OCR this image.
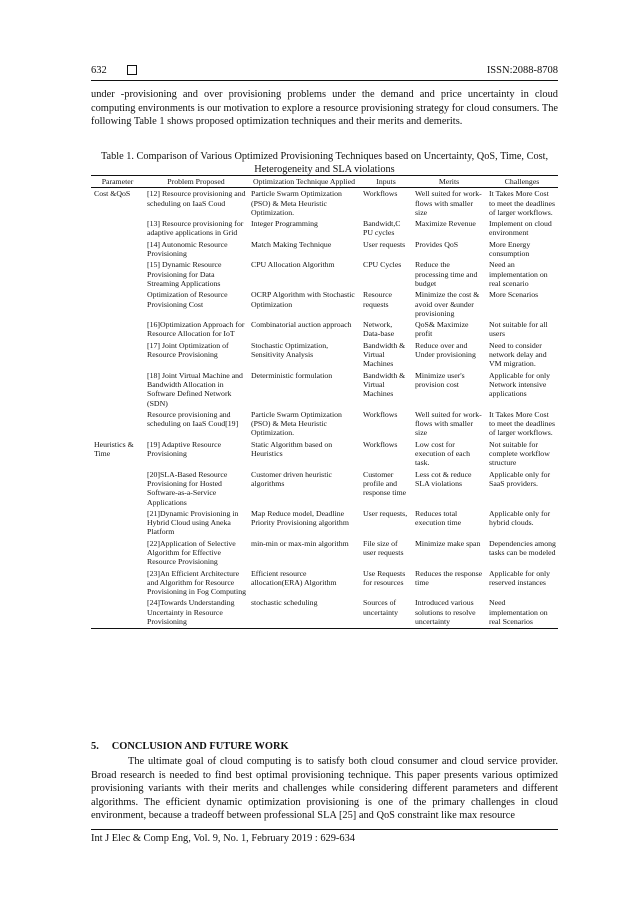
632	ISSN:2088-8708

under -provisioning and over provisioning problems under the demand and price uncertainty in cloud computing environments is our motivation to explore a resource provisioning strategy for cloud consumers. The following Table 1 shows proposed optimization techniques and their merits and demerits.

Table 1. Comparison of Various Optimized Provisioning Techniques based on Uncertainty, QoS, Time, Cost, Heterogeneity and SLA violations

Parameter	Problem Proposed	Optimization Technique Applied	Inputs	Merits	Challenges
Cost &QoS	[12] Resource provisioning and scheduling on IaaS Coud	Particle Swarm Optimization (PSO) & Meta Heuristic Optimization.	Workflows	Well suited for work-flows with smaller size	It Takes More Cost to meet the deadlines of larger workflows.
	[13] Resource provisioning for adaptive applications in Grid	Integer Programming	Bandwidt,C PU cycles	Maximize Revenue	Implement on cloud environment
	[14] Autonomic Resource Provisioning	Match Making Technique	User requests	Provides QoS	More Energy consumption
	[15] Dynamic Resource Provisioning for Data Streaming Applications	CPU Allocation Algorithm	CPU Cycles	Reduce the processing time and budget	Need an implementation on real scenario
	Optimization of Resource Provisioning Cost	OCRP Algorithm with Stochastic Optimization	Resource requests	Minimize the cost & avoid over &under provisioning	More Scenarios
	[16]Optimization Approach for Resource Allocation for IoT	Combinatorial auction approach	Network, Data-base	QoS& Maximize profit	Not suitable for all users
	[17] Joint Optimization of Resource Provisioning	Stochastic Optimization, Sensitivity Analysis	Bandwidth & Virtual Machines	Reduce over and Under provisioning	Need to consider network delay and VM migration.
	[18] Joint Virtual Machine and Bandwidth Allocation in Software Defined Network (SDN)	Deterministic formulation	Bandwidth & Virtual Machines	Minimize user's provision cost	Applicable for only Network intensive applications
	Resource provisioning and scheduling on IaaS Coud[19]	Particle Swarm Optimization (PSO) & Meta Heuristic Optimization.	Workflows	Well suited for work-flows with smaller size	It Takes More Cost to meet the deadlines of larger workflows.
Heuristics & Time	[19] Adaptive Resource Provisioning	Static Algorithm based on Heuristics	Workflows	Low cost for execution of each task.	Not suitable for complete workflow structure
	[20]SLA-Based Resource Provisioning for Hosted Software-as-a-Service Applications	Customer driven heuristic algorithms	Customer profile and response time	Less cot & reduce SLA violations	Applicable only for SaaS providers.
	[21]Dynamic Provisioning in Hybrid Cloud using Aneka Platform	Map Reduce model, Deadline Priority Provisioning algorithm	User requests,	Reduces total execution time	Applicable only for hybrid clouds.
	[22]Application of Selective Algorithm for Effective Resource Provisioning	min-min or max-min algorithm	File size of user requests	Minimize make span	Dependencies among tasks can be modeled
	[23]An Efficient Architecture and Algorithm for Resource Provisioning in Fog Computing	Efficient resource allocation(ERA) Algorithm	Use Requests for resources	Reduces the response time	Applicable for only reserved instances
	[24]Towards Understanding Uncertainty in Resource Provisioning	stochastic scheduling	Sources of uncertainty	Introduced various solutions to resolve uncertainty	Need implementation on real Scenarios

5.     CONCLUSION AND FUTURE WORK

The ultimate goal of cloud computing is to satisfy both cloud consumer and cloud service provider. Broad research is needed to find best optimal provisioning technique. This paper presents various optimized provisioning variants with their merits and challenges while considering different parameters and different algorithms. The efficient dynamic optimization provisioning is one of the primary challenges in cloud environment, because a tradeoff between professional SLA [25] and QoS constraint like max resource

Int J Elec & Comp Eng, Vol. 9, No. 1, February 2019 : 629-634
